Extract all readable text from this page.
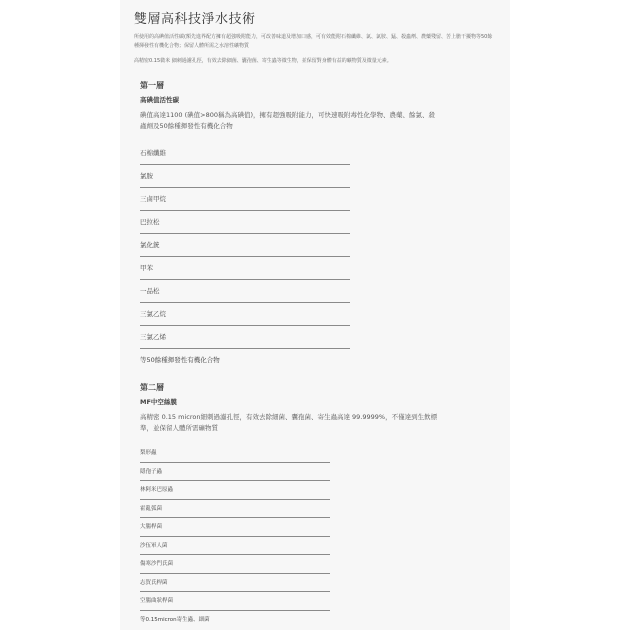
雙層高科技淨水技術

所使用的高碘值活性碳(額先進界配方擁有超強吸附能力，可改善味道及增加口感，可有效能附石棉纖維、氯、氯胺、錳、殺蟲劑、農藥殘留、苦上膽干擾物等50餘種揮發性有機化合物；保留人體所需之水溶性礦物質

高精密0.15微米 細刺過濾孔徑，有效去除細菌、囊孢菌、寄生蟲等微生物，並保留對身體有益的礦物質及微量元素。

第一層
高碘值活性碳
碘值高達1100 (碘值>800稱為高碘值)，擁有超強吸附能力，可快速吸附毒性化學物、農藥、餘氯、殺蟲劑及50餘種揮發性有機化合物
石棉纖維
氯胺
三鹵甲烷
巴拉松
氯化銃
甲苯
一品松
三氯乙烷
三氯乙烯
等50餘種揮發性有機化合物
第二層
MF中空絲膜
高精密 0.15 micron細刺過濾孔徑，有效去除細菌、囊孢菌、寄生蟲高達 99.9999%，不僅達到生飲標準，並保留人體所需礦物質
梨形蟲
隱孢子蟲
林阿米巴原蟲
霍亂弧菌
大腸桿菌
沙伍軍人菌
傷寒沙門氏菌
志賀氏桿菌
空腸曲狀桿菌
等0.15micron寄生蟲、細菌
